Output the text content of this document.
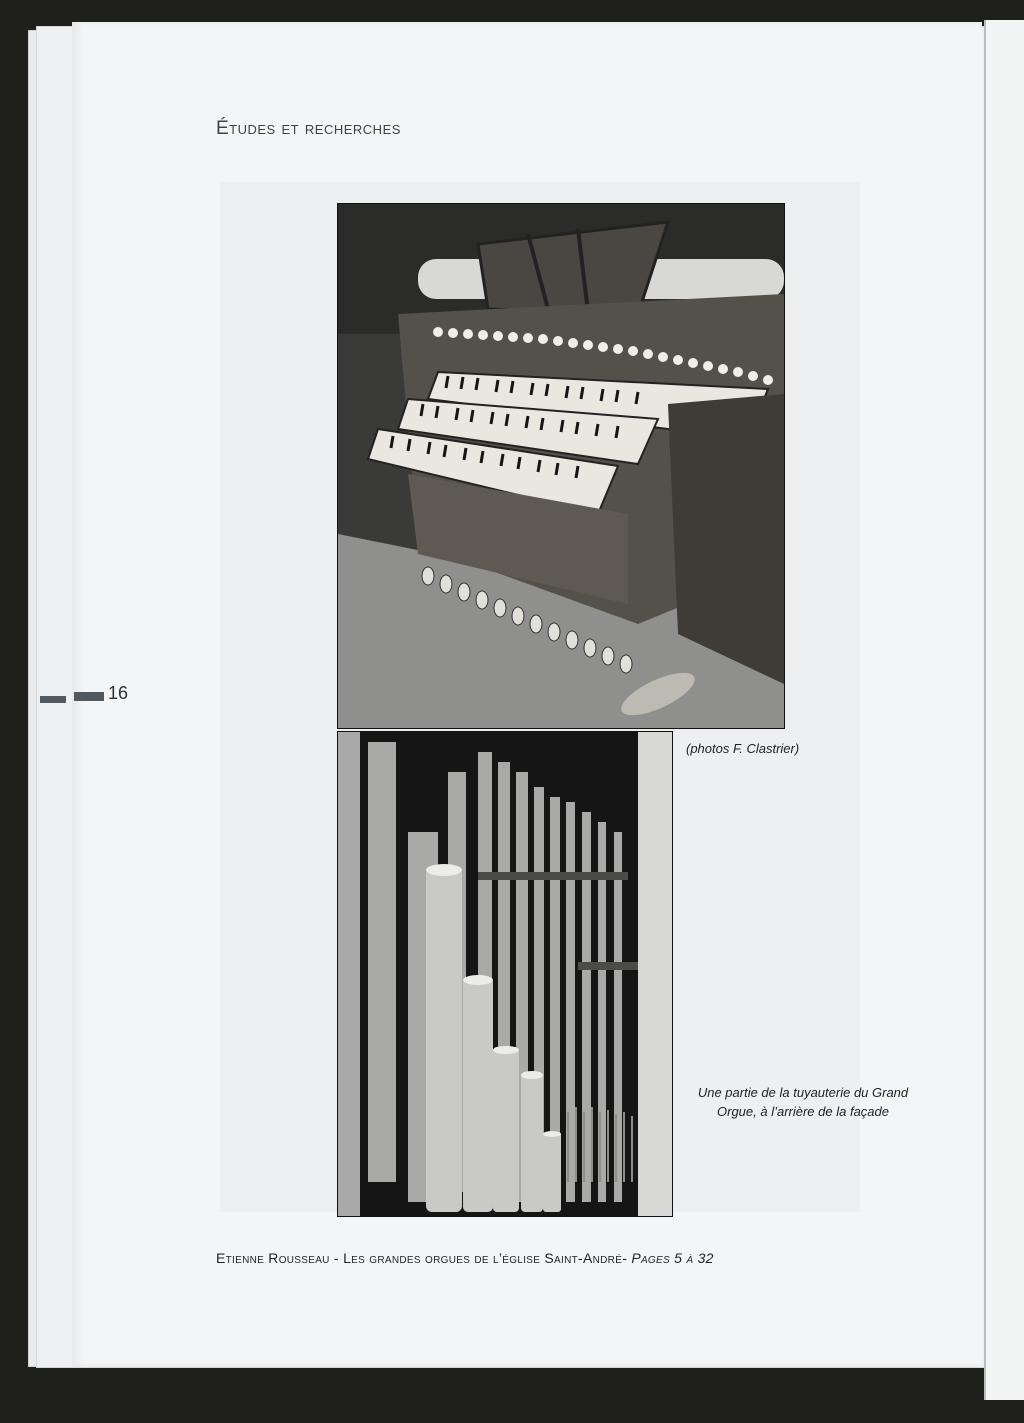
Études et recherches
16
(photos F. Clastrier)
Une partie de la tuyauterie du Grand
Orgue, à l’arrière de la façade
Etienne Rousseau - Les grandes orgues de l’église Saint-André- Pages 5 à 32
